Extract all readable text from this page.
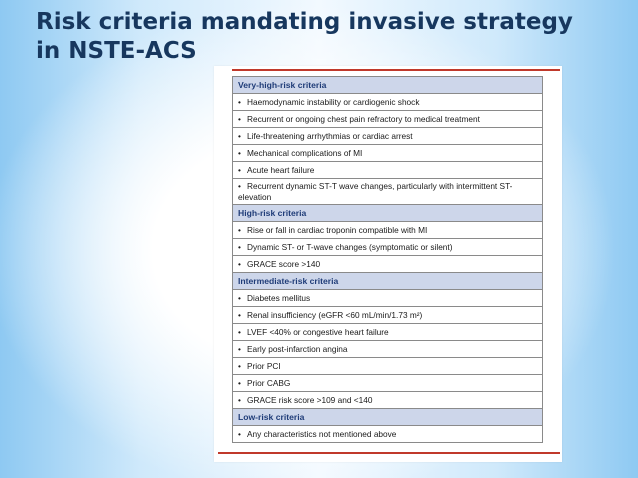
Risk criteria mandating invasive strategy
in NSTE-ACS
Very-high-risk criteria
• Haemodynamic instability or cardiogenic shock
• Recurrent or ongoing chest pain refractory to medical treatment
• Life-threatening arrhythmias or cardiac arrest
• Mechanical complications of MI
• Acute heart failure
• Recurrent dynamic ST-T wave changes, particularly with intermittent ST-elevation
High-risk criteria
• Rise or fall in cardiac troponin compatible with MI
• Dynamic ST- or T-wave changes (symptomatic or silent)
• GRACE score >140
Intermediate-risk criteria
• Diabetes mellitus
• Renal insufficiency (eGFR <60 mL/min/1.73 m²)
• LVEF <40% or congestive heart failure
• Early post-infarction angina
• Prior PCI
• Prior CABG
• GRACE risk score >109 and <140
Low-risk criteria
• Any characteristics not mentioned above
